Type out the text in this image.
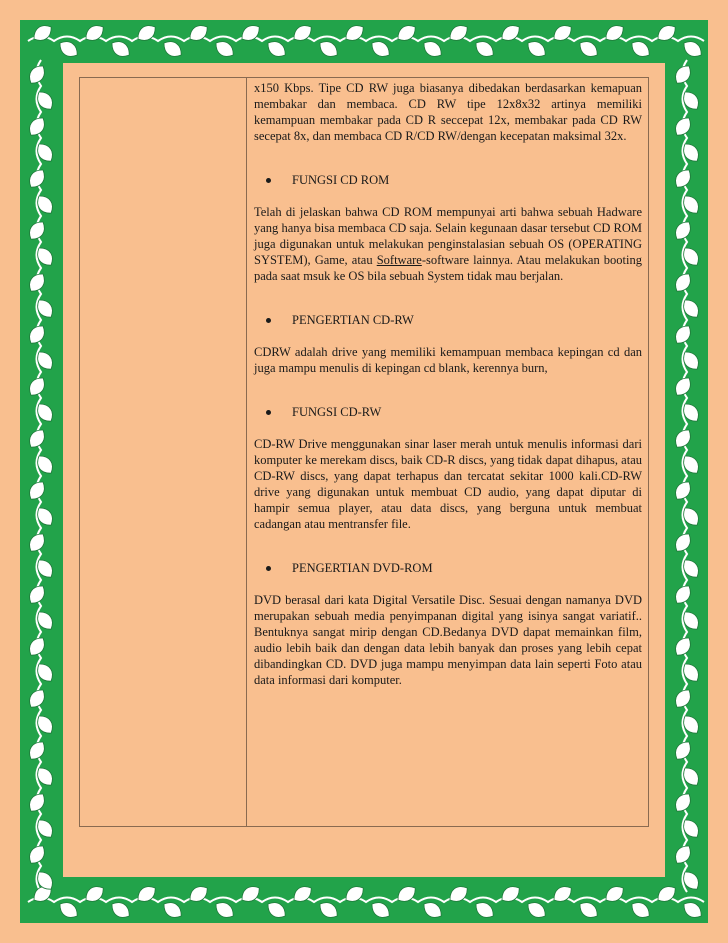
x150 Kbps. Tipe CD RW juga biasanya dibedakan berdasarkan kemapuan membakar dan membaca. CD RW tipe 12x8x32 artinya memiliki kemampuan membakar pada CD R seccepat 12x, membakar pada CD RW secepat 8x, dan membaca CD R/CD RW/dengan kecepatan maksimal 32x.

FUNGSI CD ROM

Telah di jelaskan bahwa CD ROM mempunyai arti bahwa sebuah Hadware yang hanya bisa membaca CD saja. Selain kegunaan dasar tersebut CD ROM juga digunakan untuk melakukan penginstalasian sebuah OS (OPERATING SYSTEM), Game, atau Software-software lainnya. Atau melakukan booting pada saat msuk ke OS bila sebuah System tidak mau berjalan.

PENGERTIAN CD-RW

CDRW adalah drive yang memiliki kemampuan membaca kepingan cd dan juga mampu menulis di kepingan cd blank, kerennya burn,

FUNGSI CD-RW

CD-RW Drive menggunakan sinar laser merah untuk menulis informasi dari komputer ke merekam discs, baik CD-R discs, yang tidak dapat dihapus, atau CD-RW discs, yang dapat terhapus dan tercatat sekitar 1000 kali.CD-RW drive yang digunakan untuk membuat CD audio, yang dapat diputar di hampir semua player, atau data discs, yang berguna untuk membuat cadangan atau mentransfer file.

PENGERTIAN DVD-ROM

DVD berasal dari kata Digital Versatile Disc. Sesuai dengan namanya DVD merupakan sebuah media penyimpanan digital yang isinya sangat variatif.. Bentuknya sangat mirip dengan CD.Bedanya DVD dapat memainkan film, audio lebih baik dan dengan data lebih banyak dan proses yang lebih cepat dibandingkan CD. DVD juga mampu menyimpan data lain seperti Foto atau data informasi dari komputer.
